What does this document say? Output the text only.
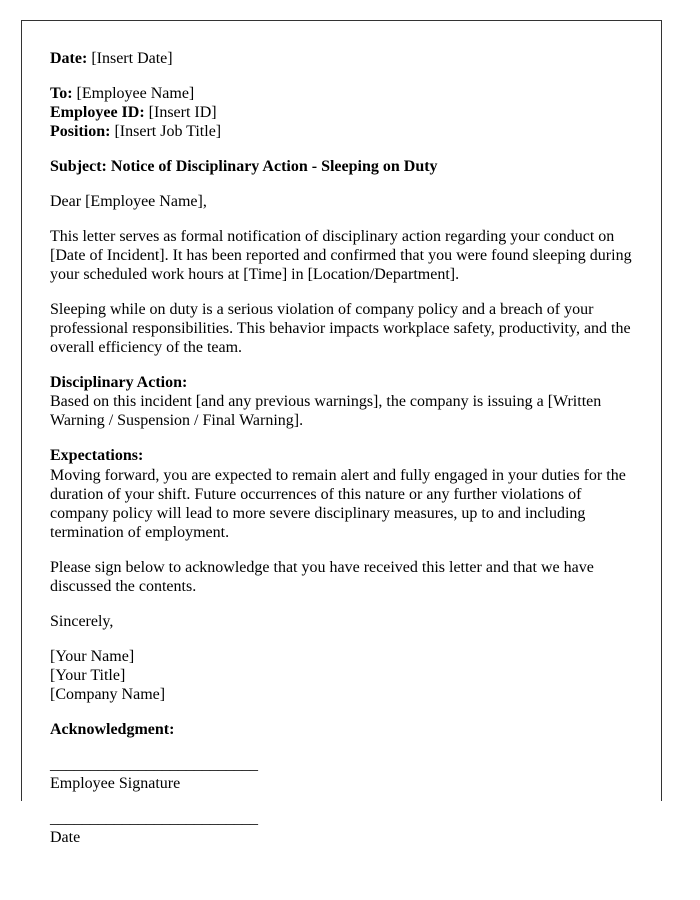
Date: [Insert Date]

To: [Employee Name]
Employee ID: [Insert ID]
Position: [Insert Job Title]

Subject: Notice of Disciplinary Action - Sleeping on Duty

Dear [Employee Name],

This letter serves as formal notification of disciplinary action regarding your conduct on [Date of Incident]. It has been reported and confirmed that you were found sleeping during your scheduled work hours at [Time] in [Location/Department].

Sleeping while on duty is a serious violation of company policy and a breach of your professional responsibilities. This behavior impacts workplace safety, productivity, and the overall efficiency of the team.

Disciplinary Action:
Based on this incident [and any previous warnings], the company is issuing a [Written Warning / Suspension / Final Warning].

Expectations:
Moving forward, you are expected to remain alert and fully engaged in your duties for the duration of your shift. Future occurrences of this nature or any further violations of company policy will lead to more severe disciplinary measures, up to and including termination of employment.

Please sign below to acknowledge that you have received this letter and that we have discussed the contents.

Sincerely,

[Your Name]
[Your Title]
[Company Name]

Acknowledgment:

__________________________
Employee Signature

__________________________
Date
